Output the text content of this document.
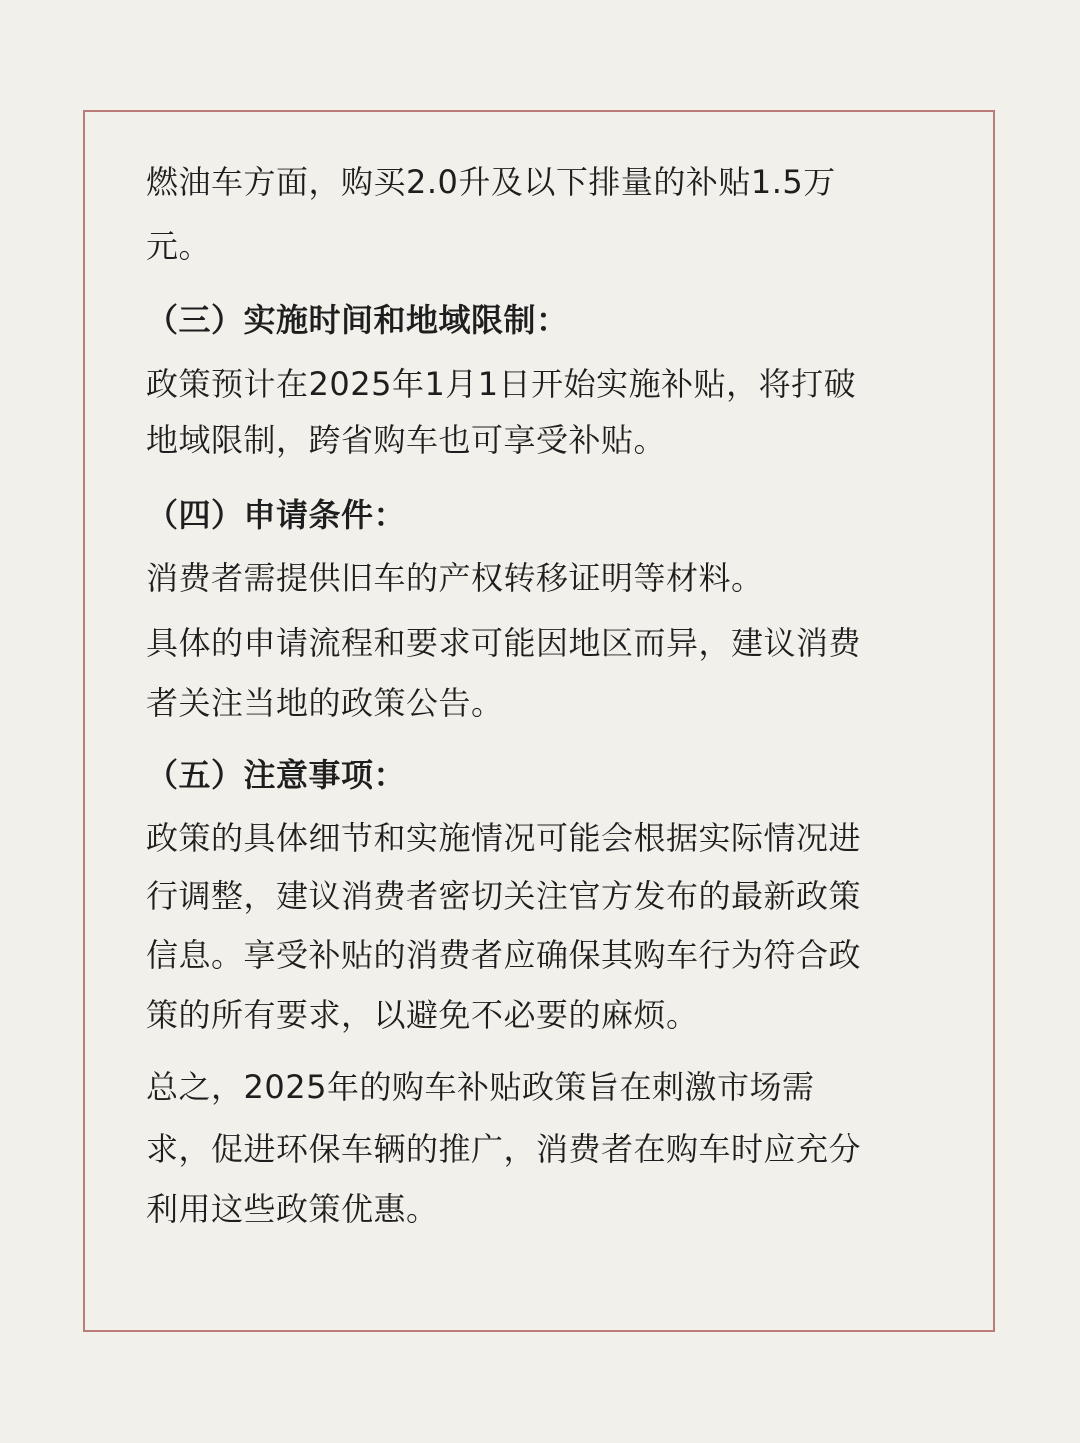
燃油车方面，购买2.0升及以下排量的补贴1.5万
元。
（三）实施时间和地域限制：
政策预计在2025年1月1日开始实施补贴，将打破
地域限制，跨省购车也可享受补贴。
（四）申请条件：
消费者需提供旧车的产权转移证明等材料。
具体的申请流程和要求可能因地区而异，建议消费
者关注当地的政策公告。
（五）注意事项：
政策的具体细节和实施情况可能会根据实际情况进
行调整，建议消费者密切关注官方发布的最新政策
信息。享受补贴的消费者应确保其购车行为符合政
策的所有要求，以避免不必要的麻烦。
总之，2025年的购车补贴政策旨在刺激市场需
求，促进环保车辆的推广，消费者在购车时应充分
利用这些政策优惠。
